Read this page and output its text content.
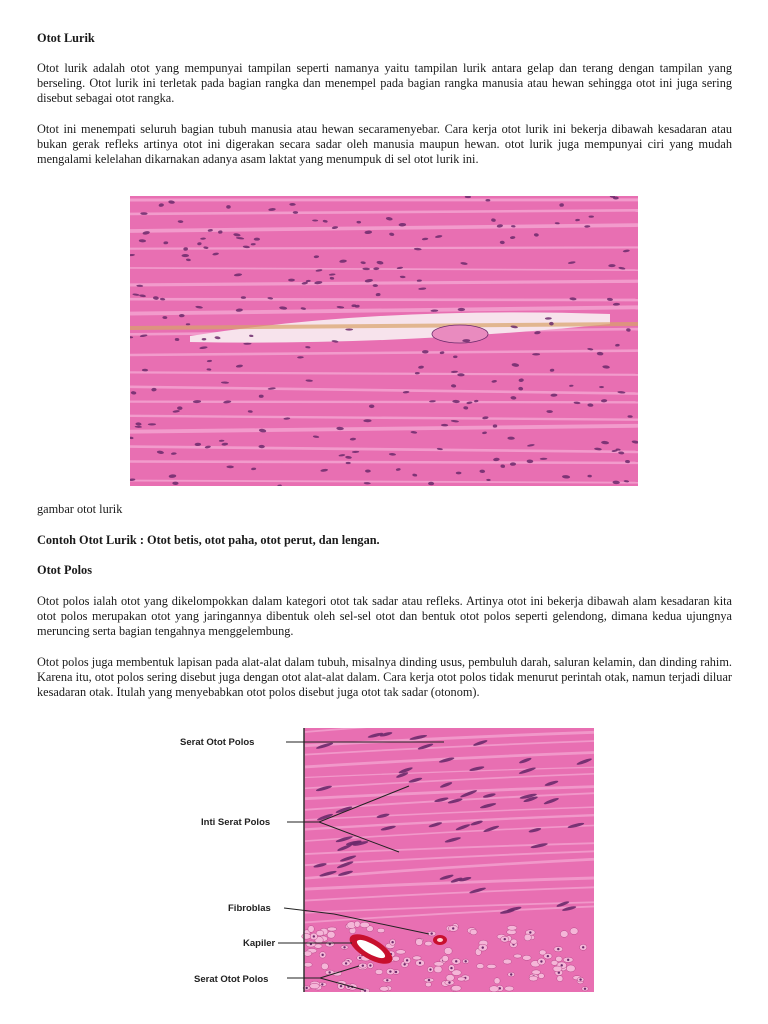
Otot Lurik

Otot lurik adalah otot yang mempunyai tampilan seperti namanya yaitu tampilan lurik antara gelap dan terang dengan tampilan yang berseling. Otot lurik ini terletak pada bagian rangka dan menempel pada bagian rangka manusia atau hewan sehingga otot ini juga sering disebut sebagai otot rangka.

Otot ini menempati seluruh bagian tubuh manusia atau hewan secaramenyebar. Cara kerja otot lurik ini bekerja dibawah kesadaran atau bukan gerak refleks artinya otot ini digerakan secara sadar oleh manusia maupun hewan. otot lurik juga mempunyai ciri yang mudah mengalami kelelahan dikarnakan adanya asam laktat yang menumpuk di sel otot lurik ini.

gambar otot lurik
Contoh Otot Lurik : Otot betis, otot paha, otot perut, dan lengan.
Otot Polos

Otot polos ialah otot yang dikelompokkan dalam kategori otot tak sadar atau refleks. Artinya otot ini bekerja dibawah alam kesadaran kita otot polos merupakan otot yang jaringannya dibentuk oleh sel-sel otot dan bentuk otot polos seperti gelendong, dimana kedua ujungnya meruncing serta bagian tengahnya menggelembung.

Otot polos juga membentuk lapisan pada alat-alat dalam tubuh, misalnya dinding usus, pembuluh darah, saluran kelamin, dan dinding rahim. Karena itu, otot polos sering disebut juga dengan otot alat-alat dalam. Cara kerja otot polos tidak menurut perintah otak, namun terjadi diluar kesadaran otak. Itulah yang menyebabkan otot polos disebut juga otot tak sadar (otonom).

Serat Otot Polos
Inti Serat Polos
Fibroblas
Kapiler
Serat Otot Polos
